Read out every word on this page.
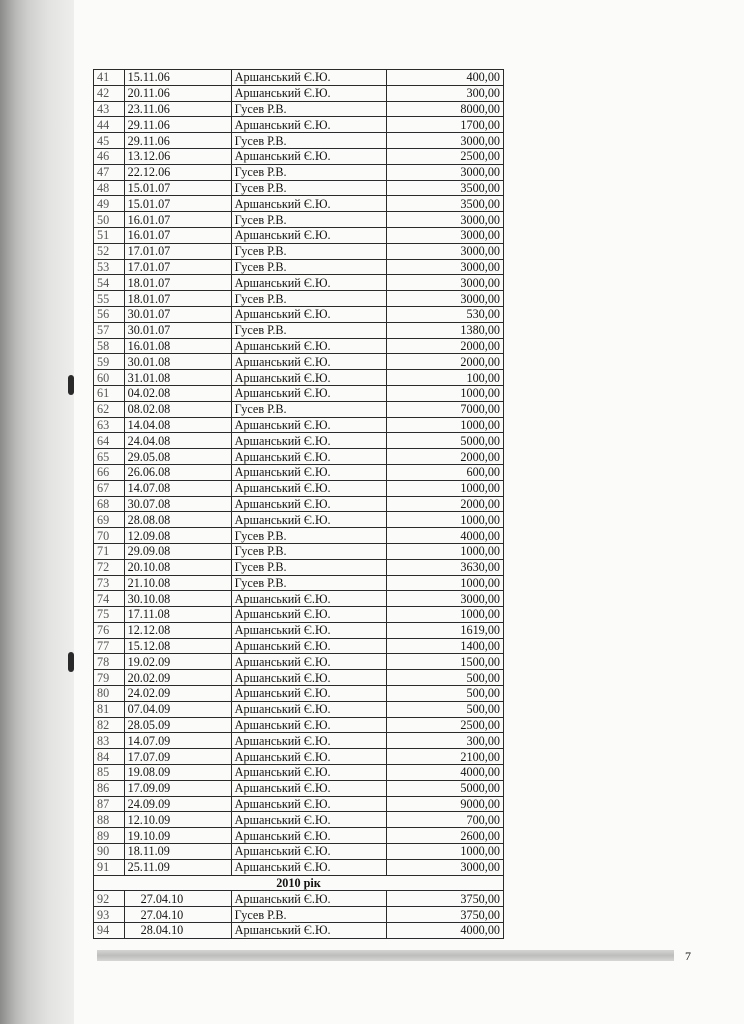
41	15.11.06	Аршанський Є.Ю.	400,00
42	20.11.06	Аршанський Є.Ю.	300,00
43	23.11.06	Гусев Р.В.	8000,00
44	29.11.06	Аршанський Є.Ю.	1700,00
45	29.11.06	Гусев Р.В.	3000,00
46	13.12.06	Аршанський Є.Ю.	2500,00
47	22.12.06	Гусев Р.В.	3000,00
48	15.01.07	Гусев Р.В.	3500,00
49	15.01.07	Аршанський Є.Ю.	3500,00
50	16.01.07	Гусев Р.В.	3000,00
51	16.01.07	Аршанський Є.Ю.	3000,00
52	17.01.07	Гусев Р.В.	3000,00
53	17.01.07	Гусев Р.В.	3000,00
54	18.01.07	Аршанський Є.Ю.	3000,00
55	18.01.07	Гусев Р.В.	3000,00
56	30.01.07	Аршанський Є.Ю.	530,00
57	30.01.07	Гусев Р.В.	1380,00
58	16.01.08	Аршанський Є.Ю.	2000,00
59	30.01.08	Аршанський Є.Ю.	2000,00
60	31.01.08	Аршанський Є.Ю.	100,00
61	04.02.08	Аршанський Є.Ю.	1000,00
62	08.02.08	Гусев Р.В.	7000,00
63	14.04.08	Аршанський Є.Ю.	1000,00
64	24.04.08	Аршанський Є.Ю.	5000,00
65	29.05.08	Аршанський Є.Ю.	2000,00
66	26.06.08	Аршанський Є.Ю.	600,00
67	14.07.08	Аршанський Є.Ю.	1000,00
68	30.07.08	Аршанський Є.Ю.	2000,00
69	28.08.08	Аршанський Є.Ю.	1000,00
70	12.09.08	Гусев Р.В.	4000,00
71	29.09.08	Гусев Р.В.	1000,00
72	20.10.08	Гусев Р.В.	3630,00
73	21.10.08	Гусев Р.В.	1000,00
74	30.10.08	Аршанський Є.Ю.	3000,00
75	17.11.08	Аршанський Є.Ю.	1000,00
76	12.12.08	Аршанський Є.Ю.	1619,00
77	15.12.08	Аршанський Є.Ю.	1400,00
78	19.02.09	Аршанський Є.Ю.	1500,00
79	20.02.09	Аршанський Є.Ю.	500,00
80	24.02.09	Аршанський Є.Ю.	500,00
81	07.04.09	Аршанський Є.Ю.	500,00
82	28.05.09	Аршанський Є.Ю.	2500,00
83	14.07.09	Аршанський Є.Ю.	300,00
84	17.07.09	Аршанський Є.Ю.	2100,00
85	19.08.09	Аршанський Є.Ю.	4000,00
86	17.09.09	Аршанський Є.Ю.	5000,00
87	24.09.09	Аршанський Є.Ю.	9000,00
88	12.10.09	Аршанський Є.Ю.	700,00
89	19.10.09	Аршанський Є.Ю.	2600,00
90	18.11.09	Аршанський Є.Ю.	1000,00
91	25.11.09	Аршанський Є.Ю.	3000,00
2010 рік			
92	27.04.10	Аршанський Є.Ю.	3750,00
93	27.04.10	Гусев Р.В.	3750,00
94	28.04.10	Аршанський Є.Ю.	4000,00
7
